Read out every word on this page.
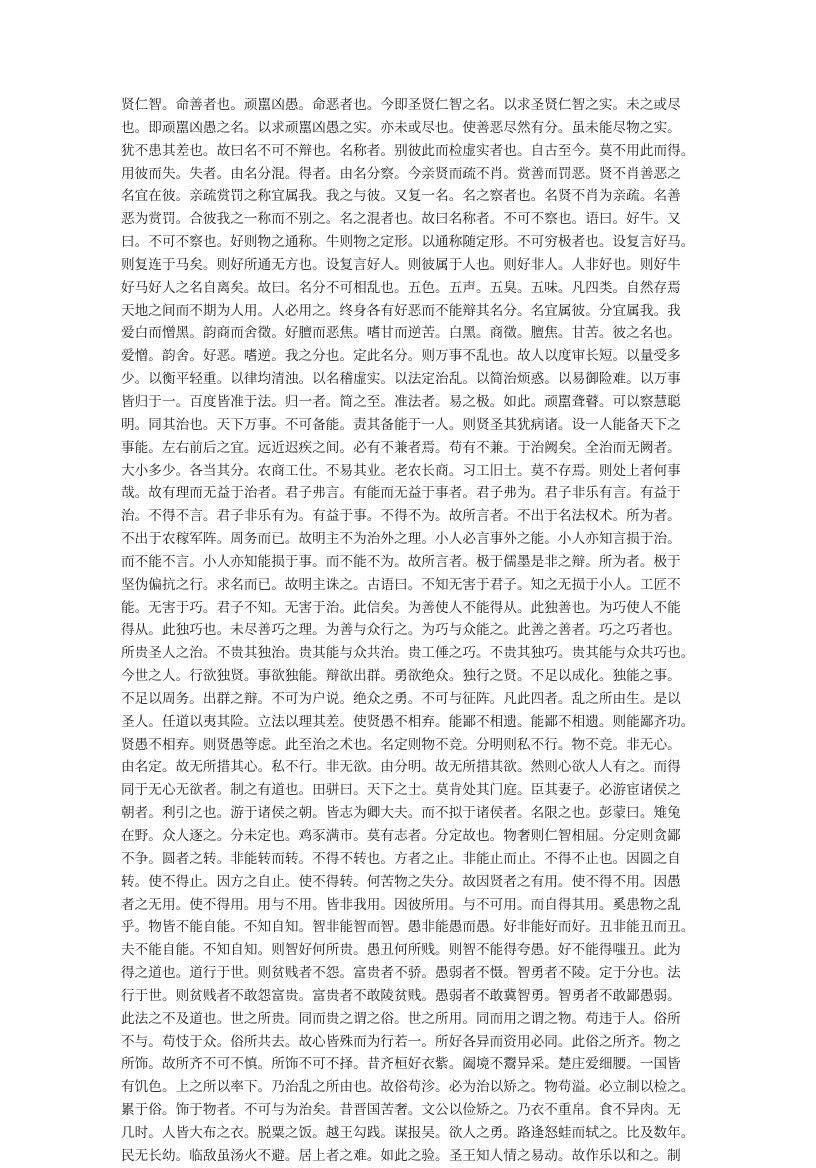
贤仁智。命善者也。顽嚚凶愚。命恶者也。今即圣贤仁智之名。以求圣贤仁智之实。未之或尽
也。即顽嚚凶愚之名。以求顽嚚凶愚之实。亦未或尽也。使善恶尽然有分。虽未能尽物之实。
犹不患其差也。故曰名不可不辩也。名称者。别彼此而检虚实者也。自古至今。莫不用此而得。
用彼而失。失者。由名分混。得者。由名分察。今亲贤而疏不肖。赏善而罚恶。贤不肖善恶之
名宜在彼。亲疏赏罚之称宜属我。我之与彼。又复一名。名之察者也。名贤不肖为亲疏。名善
恶为赏罚。合彼我之一称而不别之。名之混者也。故曰名称者。不可不察也。语曰。好牛。又
曰。不可不察也。好则物之通称。牛则物之定形。以通称随定形。不可穷极者也。设复言好马。
则复连于马矣。则好所通无方也。设复言好人。则彼属于人也。则好非人。人非好也。则好牛
好马好人之名自离矣。故曰。名分不可相乱也。五色。五声。五臭。五味。凡四类。自然存焉
天地之间而不期为人用。人必用之。终身各有好恶而不能辩其名分。名宜属彼。分宜属我。我
爱白而憎黑。韵商而舍徵。好膻而恶焦。嗜甘而逆苦。白黑。商徵。膻焦。甘苦。彼之名也。
爱憎。韵舍。好恶。嗜逆。我之分也。定此名分。则万事不乱也。故人以度审长短。以量受多
少。以衡平轻重。以律均清浊。以名稽虚实。以法定治乱。以简治烦惑。以易御险难。以万事
皆归于一。百度皆准于法。归一者。简之至。准法者。易之极。如此。顽嚚聋瞽。可以察慧聪
明。同其治也。天下万事。不可备能。责其备能于一人。则贤圣其犹病诸。设一人能备天下之
事能。左右前后之宜。远近迟疾之间。必有不兼者焉。苟有不兼。于治阙矣。全治而无阙者。
大小多少。各当其分。农商工仕。不易其业。老农长商。习工旧士。莫不存焉。则处上者何事
哉。故有理而无益于治者。君子弗言。有能而无益于事者。君子弗为。君子非乐有言。有益于
治。不得不言。君子非乐有为。有益于事。不得不为。故所言者。不出于名法权术。所为者。
不出于农稼军阵。周务而已。故明主不为治外之理。小人必言事外之能。小人亦知言损于治。
而不能不言。小人亦知能损于事。而不能不为。故所言者。极于儒墨是非之辩。所为者。极于
坚伪偏抗之行。求名而已。故明主诛之。古语曰。不知无害于君子。知之无损于小人。工匠不
能。无害于巧。君子不知。无害于治。此信矣。为善使人不能得从。此独善也。为巧使人不能
得从。此独巧也。未尽善巧之理。为善与众行之。为巧与众能之。此善之善者。巧之巧者也。
所贵圣人之治。不贵其独治。贵其能与众共治。贵工倕之巧。不贵其独巧。贵其能与众共巧也。
今世之人。行欲独贤。事欲独能。辩欲出群。勇欲绝众。独行之贤。不足以成化。独能之事。
不足以周务。出群之辩。不可为户说。绝众之勇。不可与征阵。凡此四者。乱之所由生。是以
圣人。任道以夷其险。立法以理其差。使贤愚不相弃。能鄙不相遗。能鄙不相遗。则能鄙齐功。
贤愚不相弃。则贤愚等虑。此至治之术也。名定则物不竞。分明则私不行。物不竞。非无心。
由名定。故无所措其心。私不行。非无欲。由分明。故无所措其欲。然则心欲人人有之。而得
同于无心无欲者。制之有道也。田骈曰。天下之士。莫肯处其门庭。臣其妻子。必游宦诸侯之
朝者。利引之也。游于诸侯之朝。皆志为卿大夫。而不拟于诸侯者。名限之也。彭蒙曰。雉兔
在野。众人逐之。分未定也。鸡豕满市。莫有志者。分定故也。物奢则仁智相屈。分定则贪鄙
不争。圆者之转。非能转而转。不得不转也。方者之止。非能止而止。不得不止也。因圆之自
转。使不得止。因方之自止。使不得转。何苦物之失分。故因贤者之有用。使不得不用。因愚
者之无用。使不得用。用与不用。皆非我用。因彼所用。与不可用。而自得其用。奚患物之乱
乎。物皆不能自能。不知自知。智非能智而智。愚非能愚而愚。好非能好而好。丑非能丑而丑。
夫不能自能。不知自知。则智好何所贵。愚丑何所贱。则智不能得夸愚。好不能得嗤丑。此为
得之道也。道行于世。则贫贱者不怨。富贵者不骄。愚弱者不慑。智勇者不陵。定于分也。法
行于世。则贫贱者不敢怨富贵。富贵者不敢陵贫贱。愚弱者不敢冀智勇。智勇者不敢鄙愚弱。
此法之不及道也。世之所贵。同而贵之谓之俗。世之所用。同而用之谓之物。苟违于人。俗所
不与。苟忮于众。俗所共去。故心皆殊而为行若一。所好各异而资用必同。此俗之所齐。物之
所饰。故所齐不可不慎。所饰不可不择。昔齐桓好衣紫。阖境不鬻异采。楚庄爱细腰。一国皆
有饥色。上之所以率下。乃治乱之所由也。故俗苟沴。必为治以矫之。物苟溢。必立制以检之。
累于俗。饰于物者。不可与为治矣。昔晋国苦奢。文公以俭矫之。乃衣不重帛。食不异肉。无
几时。人皆大布之衣。脱粟之饭。越王勾践。谋报吴。欲人之勇。路逢怒蛙而轼之。比及数年。
民无长幼。临敌虽汤火不避。居上者之难。如此之验。圣王知人情之易动。故作乐以和之。制
